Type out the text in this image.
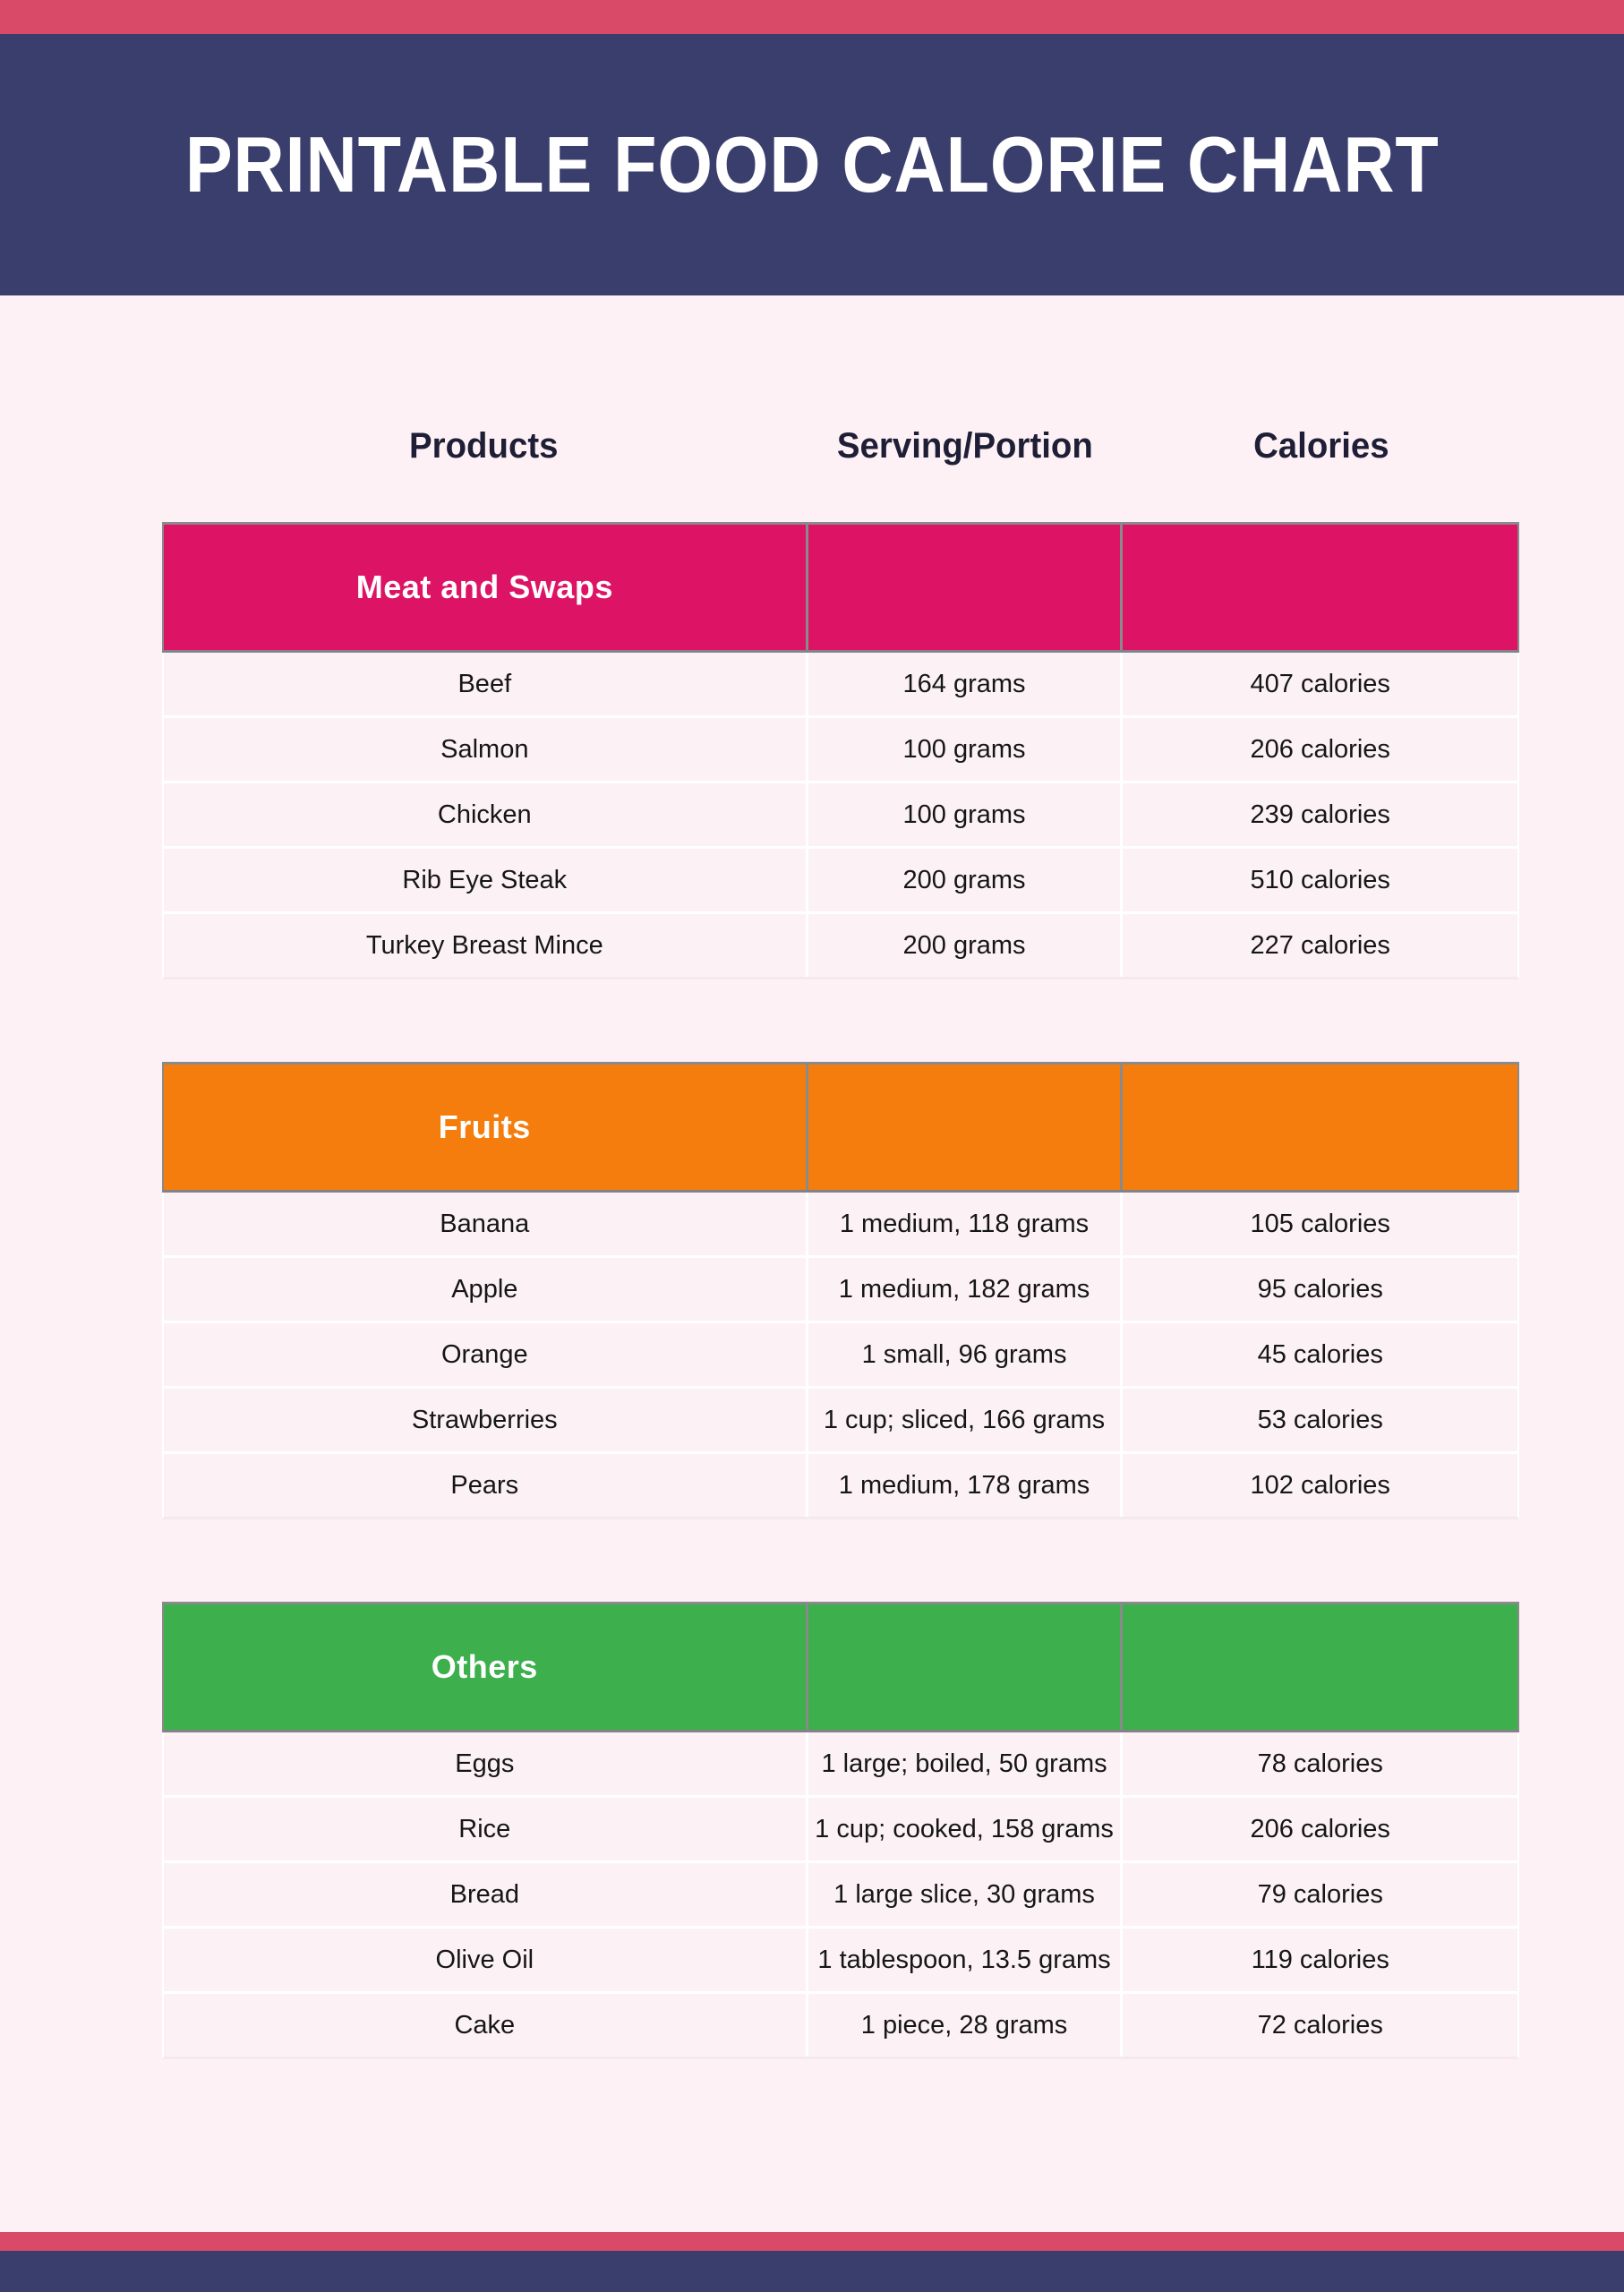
PRINTABLE FOOD CALORIE CHART
Products	Serving/Portion	Calories
Meat and Swaps
Beef	164 grams	407 calories
Salmon	100 grams	206 calories
Chicken	100 grams	239 calories
Rib Eye Steak	200 grams	510 calories
Turkey Breast Mince	200 grams	227 calories
Fruits
Banana	1 medium, 118 grams	105 calories
Apple	1 medium, 182 grams	95 calories
Orange	1 small, 96 grams	45 calories
Strawberries	1 cup; sliced, 166 grams	53 calories
Pears	1 medium, 178 grams	102 calories
Others
Eggs	1 large; boiled, 50 grams	78 calories
Rice	1 cup; cooked, 158 grams	206 calories
Bread	1 large slice, 30 grams	79 calories
Olive Oil	1 tablespoon, 13.5 grams	119 calories
Cake	1 piece, 28 grams	72 calories
